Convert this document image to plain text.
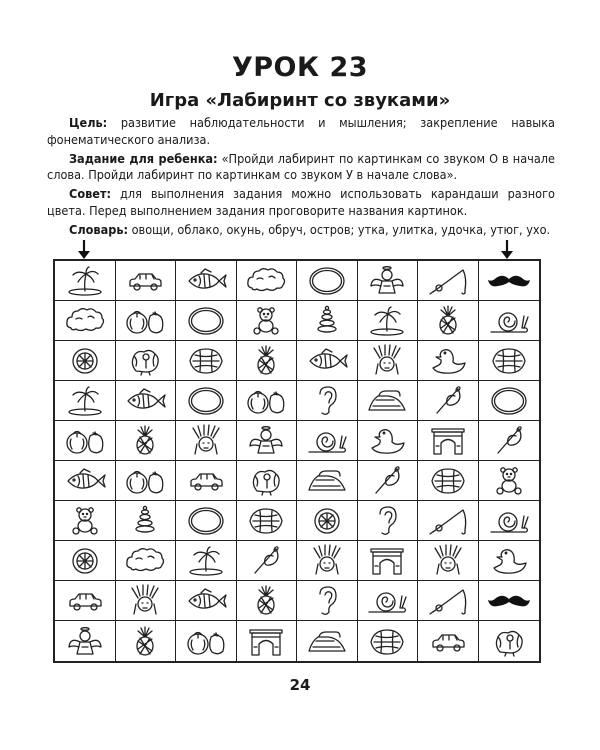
УРОК 23
Игра «Лабиринт со звуками»

Цель: развитие наблюдательности и мышления; закрепление навыка фонематического анализа.

Задание для ребенка: «Пройди лабиринт по картинкам со звуком О в начале слова. Пройди лабиринт по картинкам со звуком У в начале слова».

Совет: для выполнения задания можно использовать карандаши разного цвета. Перед выполнением задания проговорите названия картинок.

Словарь: овощи, облако, окунь, обруч, остров; утка, улитка, удочка, утюг, ухо.

24
